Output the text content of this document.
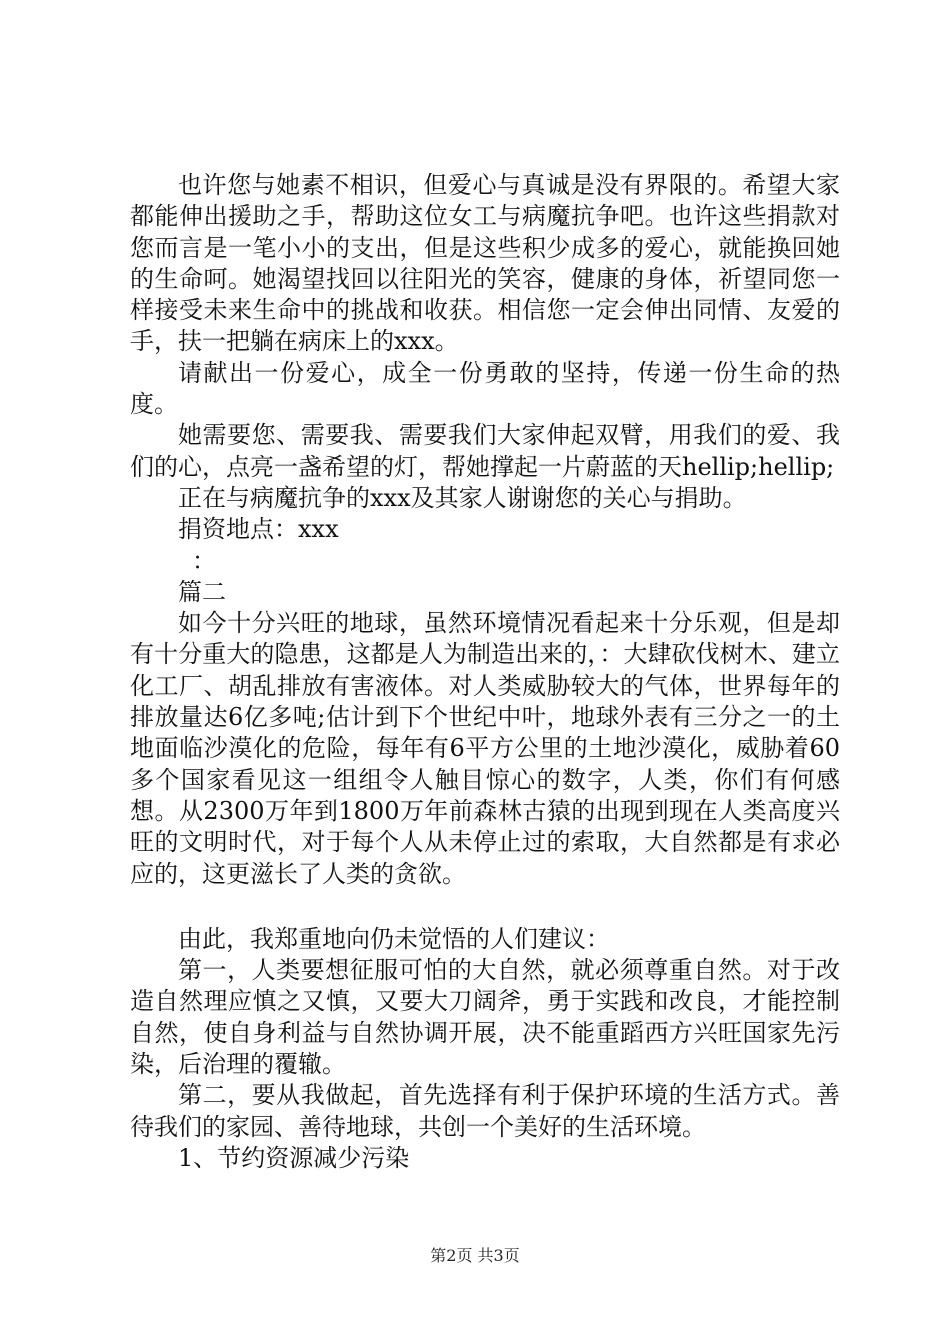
也许您与她素不相识，但爱心与真诚是没有界限的。希望大家都能伸出援助之手，帮助这位女工与病魔抗争吧。也许这些捐款对您而言是一笔小小的支出，但是这些积少成多的爱心，就能换回她的生命呵。她渴望找回以往阳光的笑容，健康的身体，祈望同您一样接受未来生命中的挑战和收获。相信您一定会伸出同情、友爱的手，扶一把躺在病床上的xxx。

请献出一份爱心，成全一份勇敢的坚持，传递一份生命的热度。

她需要您、需要我、需要我们大家伸起双臂，用我们的爱、我们的心，点亮一盏希望的灯，帮她撑起一片蔚蓝的天hellip;hellip;

正在与病魔抗争的xxx及其家人谢谢您的关心与捐助。

捐资地点：xxx

：

篇二

如今十分兴旺的地球，虽然环境情况看起来十分乐观，但是却有十分重大的隐患，这都是人为制造出来的，：大肆砍伐树木、建立化工厂、胡乱排放有害液体。对人类威胁较大的气体，世界每年的排放量达6亿多吨;估计到下个世纪中叶，地球外表有三分之一的土地面临沙漠化的危险，每年有6平方公里的土地沙漠化，威胁着60多个国家看见这一组组令人触目惊心的数字，人类，你们有何感想。从2300万年到1800万年前森林古猿的出现到现在人类高度兴旺的文明时代，对于每个人从未停止过的索取，大自然都是有求必应的，这更滋长了人类的贪欲。

由此，我郑重地向仍未觉悟的人们建议：

第一，人类要想征服可怕的大自然，就必须尊重自然。对于改造自然理应慎之又慎，又要大刀阔斧，勇于实践和改良，才能控制自然，使自身利益与自然协调开展，决不能重蹈西方兴旺国家先污染，后治理的覆辙。

第二，要从我做起，首先选择有利于保护环境的生活方式。善待我们的家园、善待地球，共创一个美好的生活环境。

1、节约资源减少污染

第2页 共3页
